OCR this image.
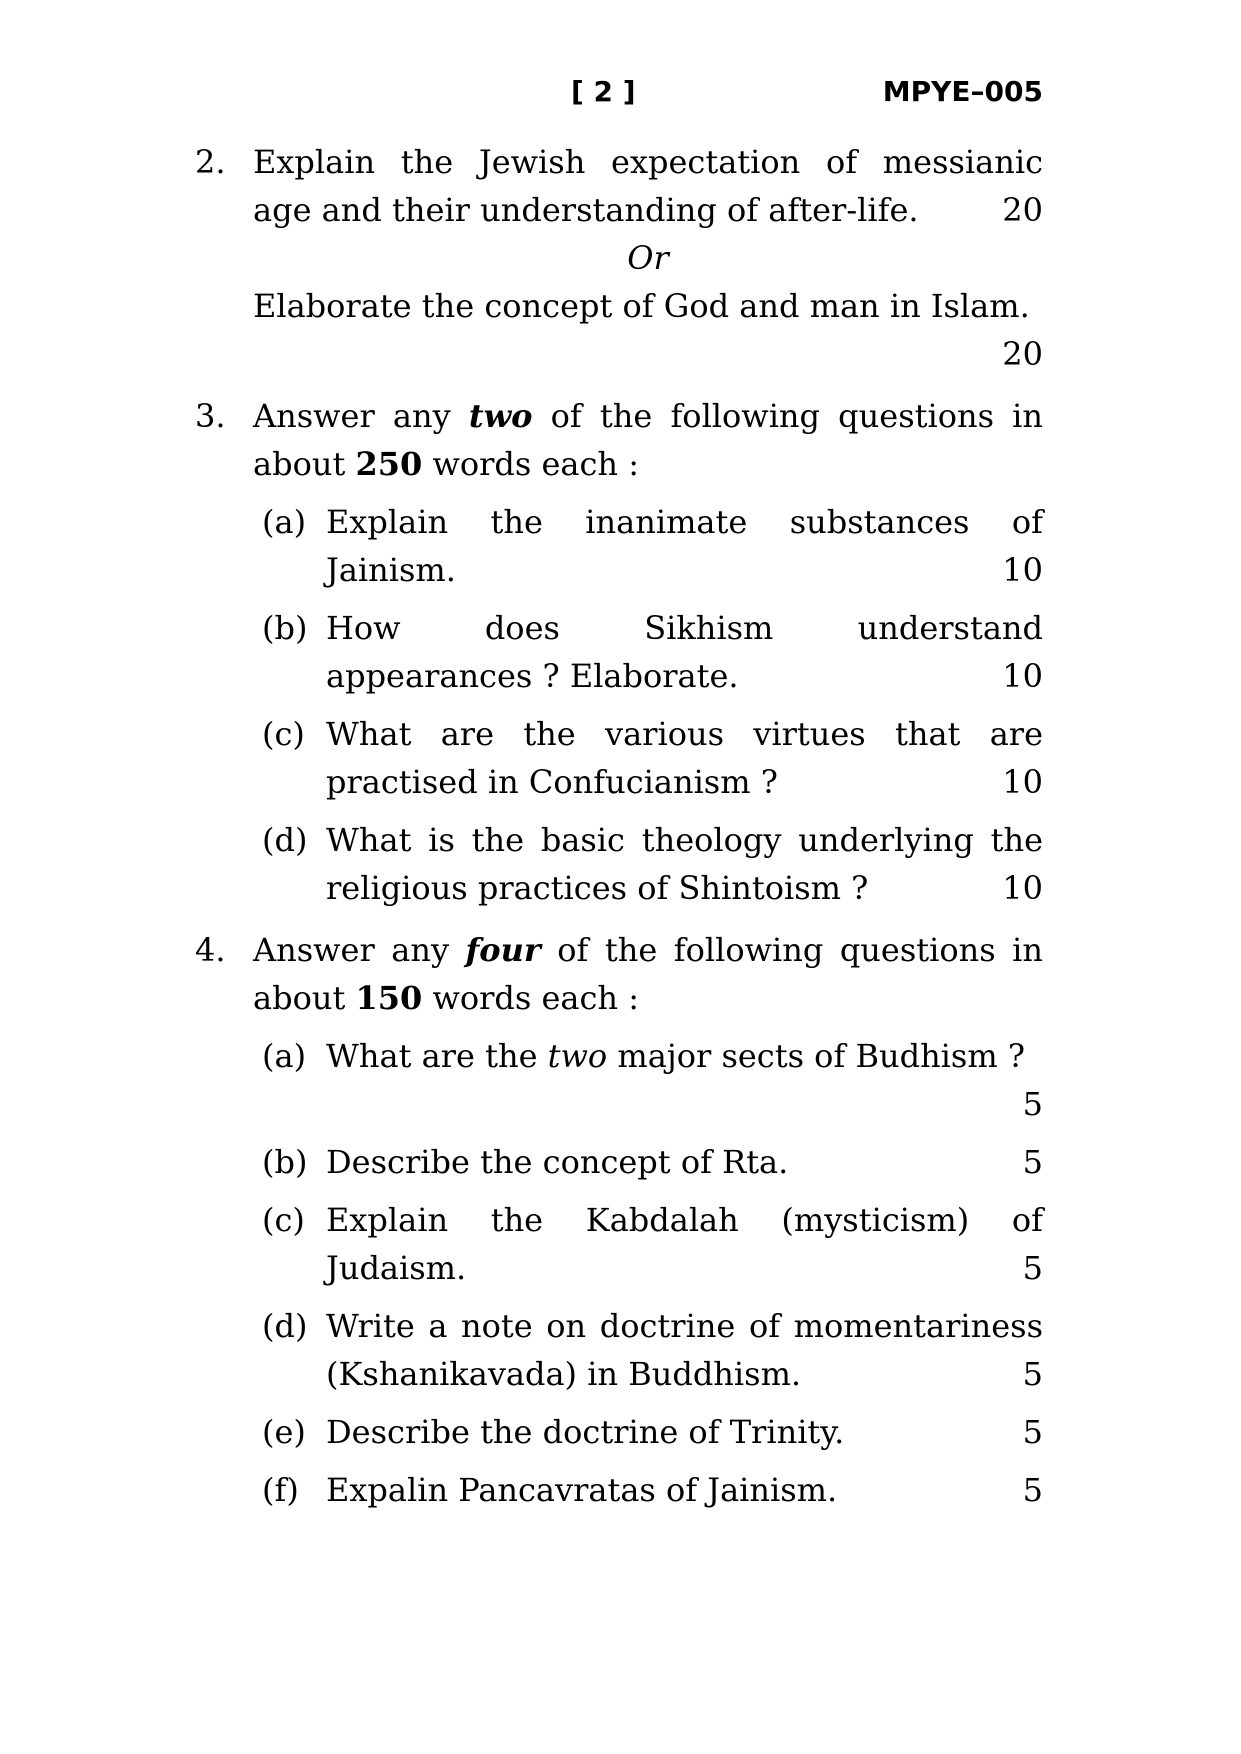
[ 2 ]	MPYE–005
2. Explain the Jewish expectation of messianic
age and their understanding of after-life.	20
Or
Elaborate the concept of God and man in Islam.
20
3. Answer any two of the following questions in
about 250 words each :
(a) Explain the inanimate substances of
Jainism.	10
(b) How does Sikhism understand
appearances ? Elaborate.	10
(c) What are the various virtues that are
practised in Confucianism ?	10
(d) What is the basic theology underlying the
religious practices of Shintoism ?	10
4. Answer any four of the following questions in
about 150 words each :
(a) What are the two major sects of Budhism ?
5
(b) Describe the concept of Rta.	5
(c) Explain the Kabdalah (mysticism) of
Judaism.	5
(d) Write a note on doctrine of momentariness
(Kshanikavada) in Buddhism.	5
(e) Describe the doctrine of Trinity.	5
(f) Expalin Pancavratas of Jainism.	5
